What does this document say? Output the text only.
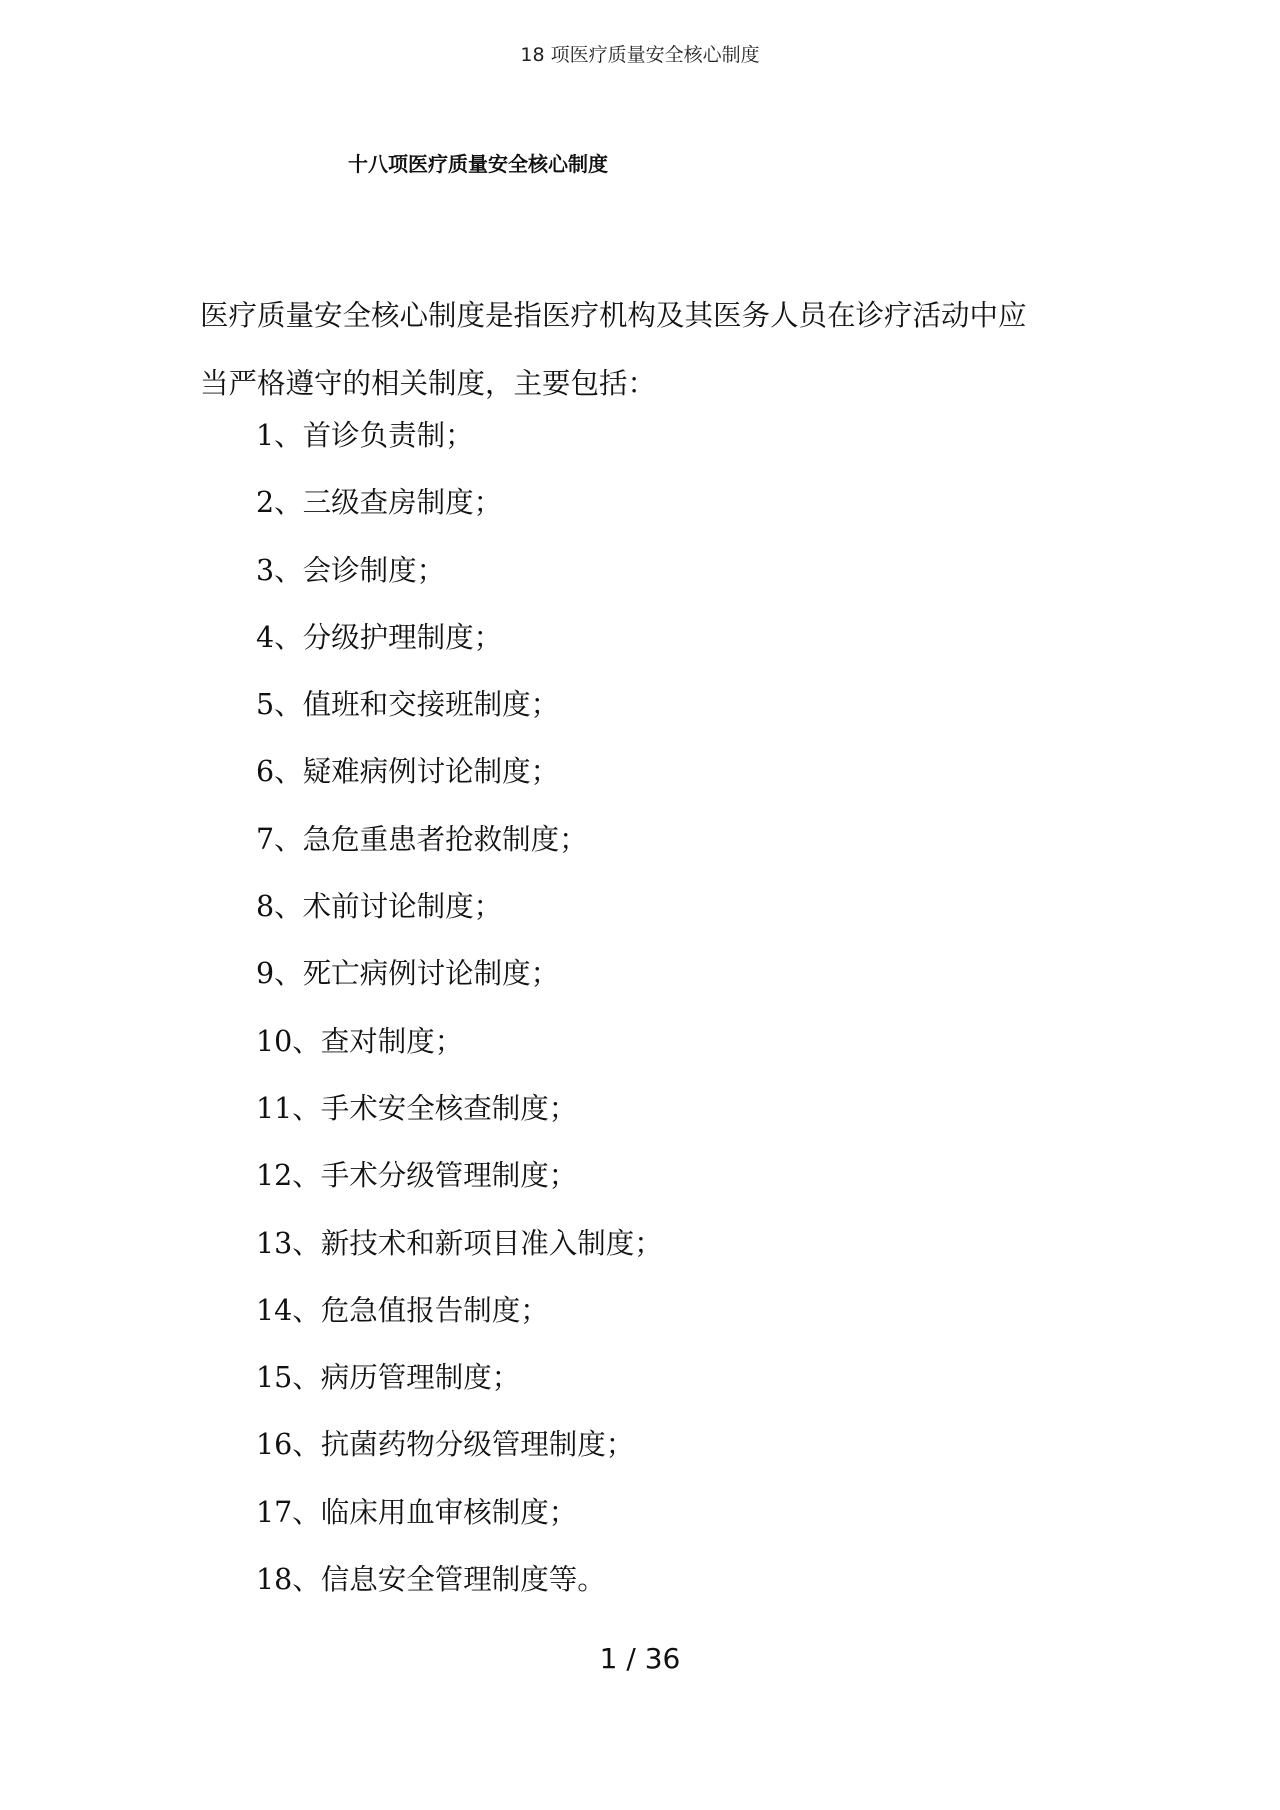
18 项医疗质量安全核心制度
十八项医疗质量安全核心制度

医疗质量安全核心制度是指医疗机构及其医务人员在诊疗活动中应

当严格遵守的相关制度，主要包括：

1、首诊负责制；
2、三级查房制度；
3、会诊制度；
4、分级护理制度；
5、值班和交接班制度；
6、疑难病例讨论制度；
7、急危重患者抢救制度；
8、术前讨论制度；
9、死亡病例讨论制度；
10、查对制度；
11、手术安全核查制度；
12、手术分级管理制度；
13、新技术和新项目准入制度；
14、危急值报告制度；
15、病历管理制度；
16、抗菌药物分级管理制度；
17、临床用血审核制度；
18、信息安全管理制度等。
1 / 36
